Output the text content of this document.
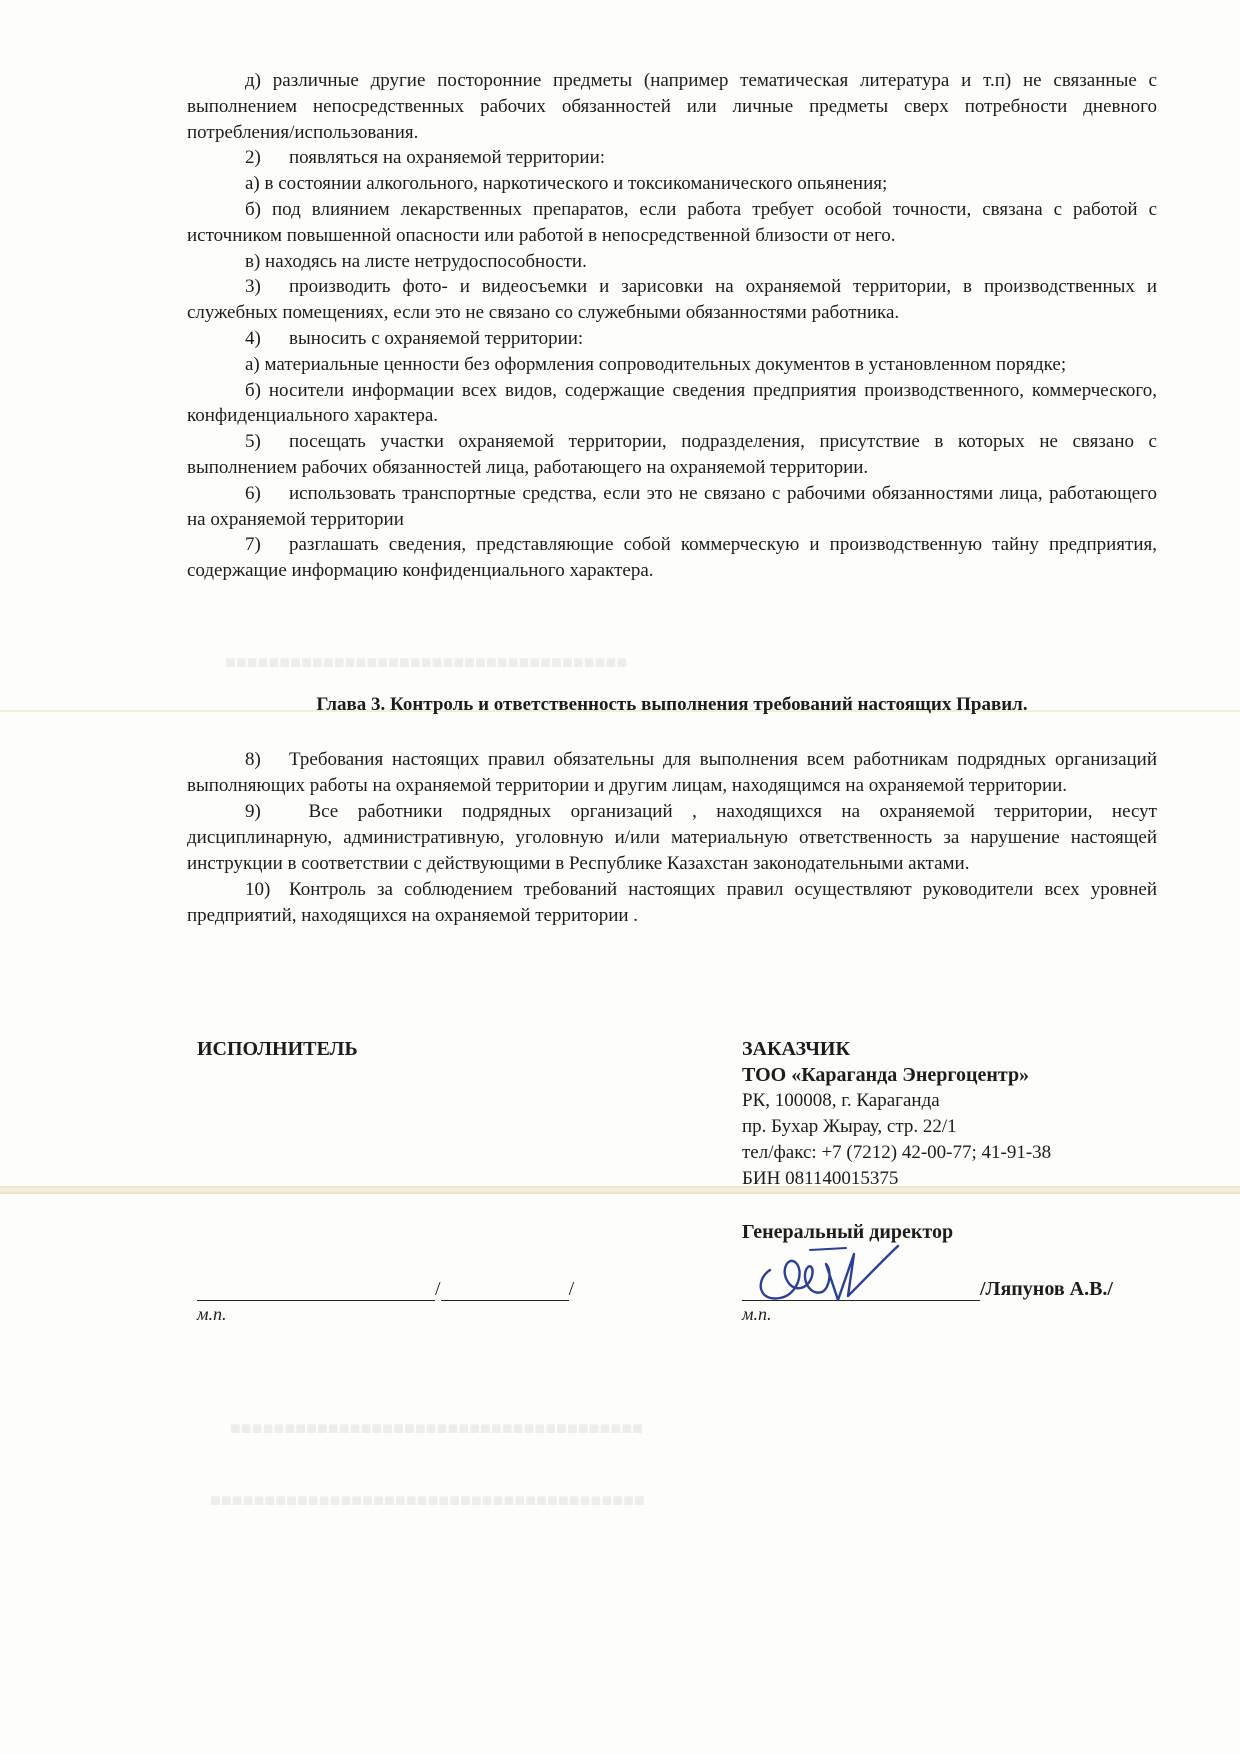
■■■■■■■■■■■■■■■■■■■■■■■■■■■■■■■■■■■■■
■■■■■■■■■■■■■■■■■■■■■■■■■■■■■■■■■■■■■■
■■■■■■■■■■■■■■■■■■■■■■■■■■■■■■■■■■■■■■■■

д) различные другие посторонние предметы (например тематическая литература и т.п) не связанные с выполнением непосредственных рабочих обязанностей или личные предметы сверх потребности дневного потребления/использования.

2) появляться на охраняемой территории:

а) в состоянии алкогольного, наркотического и токсикоманического опьянения;

б) под влиянием лекарственных препаратов, если работа требует особой точности, связана с работой с источником повышенной опасности или работой в непосредственной близости от него.

в) находясь на листе нетрудоспособности.

3) производить фото- и видеосъемки и зарисовки на охраняемой территории, в производственных и служебных помещениях, если это не связано со служебными обязанностями работника.

4) выносить с охраняемой территории:

а) материальные ценности без оформления сопроводительных документов в установленном порядке;

б) носители информации всех видов, содержащие сведения предприятия производственного, коммерческого, конфиденциального характера.

5) посещать участки охраняемой территории, подразделения, присутствие в которых не связано с выполнением рабочих обязанностей лица, работающего на охраняемой территории.

6) использовать транспортные средства, если это не связано с рабочими обязанностями лица, работающего на охраняемой территории

7) разглашать сведения, представляющие собой коммерческую и производственную тайну предприятия, содержащие информацию конфиденциального характера.

Глава 3. Контроль и ответственность выполнения требований настоящих Правил.

8) Требования настоящих правил обязательны для выполнения всем работникам подрядных организаций выполняющих работы на охраняемой территории и другим лицам, находящимся на охраняемой территории.

9) Все работники подрядных организаций , находящихся на охраняемой территории, несут дисциплинарную, административную, уголовную и/или материальную ответственность за нарушение настоящей инструкции в соответствии с действующими в Республике Казахстан законодательными актами.

10) Контроль за соблюдением требований настоящих правил осуществляют руководители всех уровней предприятий, находящихся на охраняемой территории .

ИСПОЛНИТЕЛЬ	ЗАКАЗЧИК
ТОО «Караганда Энергоцентр»
РК, 100008, г. Караганда
пр. Бухар Жырау, стр. 22/1
тел/факс: +7 (7212) 42-00-77; 41-91-38
БИН 081140015375
Генеральный директор
/	/
м.п.
/Ляпунов А.В./
м.п.
